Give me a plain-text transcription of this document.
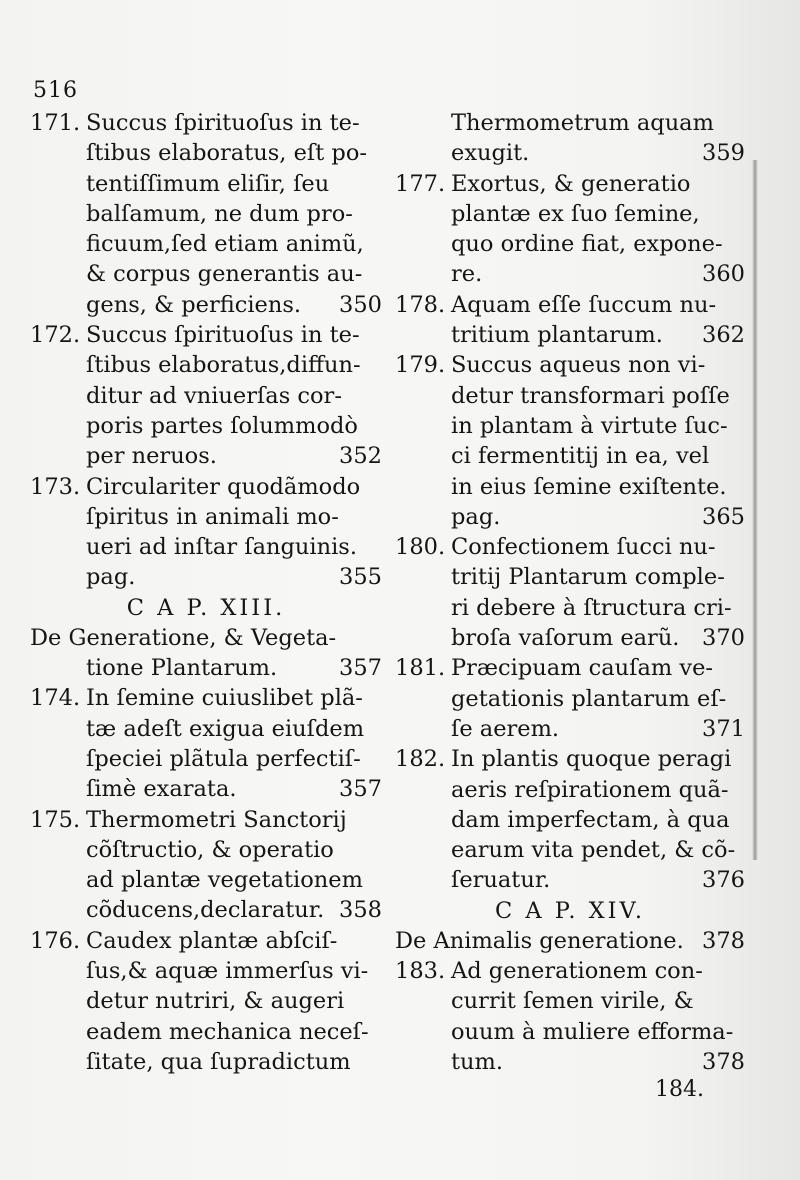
516
171. Succus ſpirituoſus in te-
ſtibus elaboratus, eſt po-
tentiſſimum eliſir, ſeu
balſamum, ne dum pro-
ficuum,ſed etiam animũ,
& corpus generantis au-
gens, & perficiens. 350
172. Succus ſpirituoſus in te-
ſtibus elaboratus,diffun-
ditur ad vniuerſas cor-
poris partes ſolummodò
per neruos.	352
173. Circulariter quodãmodo
ſpiritus in animali mo-
ueri ad inſtar ſanguinis.
pag.	355
C A P. XIII.
De Generatione, & Vegeta-
tione Plantarum.	357
174. In ſemine cuiuslibet plã-
tæ adeſt exigua eiuſdem
ſpeciei plãtula perfectiſ-
ſimè exarata.	357
175. Thermometri Sanctorij
cõſtructio, & operatio
ad plantæ vegetationem
cõducens,declaratur. 358
176. Caudex plantæ abſciſ-
ſus,& aquæ immerſus vi-
detur nutriri, & augeri
eadem mechanica neceſ-
ſitate, qua ſupradictum
Thermometrum aquam
exugit.	359
177. Exortus, & generatio
plantæ ex ſuo ſemine,
quo ordine fiat, expone-
re.	360
178. Aquam eſſe ſuccum nu-
tritium plantarum. 362
179. Succus aqueus non vi-
detur transformari poſſe
in plantam à virtute ſuc-
ci fermentitij in ea, vel
in eius ſemine exiſtente.
pag.	365
180. Confectionem ſucci nu-
tritij Plantarum comple-
ri debere à ſtructura cri-
broſa vaſorum earũ. 370
181. Præcipuam cauſam ve-
getationis plantarum eſ-
ſe aerem.	371
182. In plantis quoque peragi
aeris reſpirationem quã-
dam imperfectam, à qua
earum vita pendet, & cõ-
ſeruatur.	376
C A P. XIV.
De Animalis generatione. 378
183. Ad generationem con-
currit ſemen virile, &
ouum à muliere efforma-
tum.	378
184.
